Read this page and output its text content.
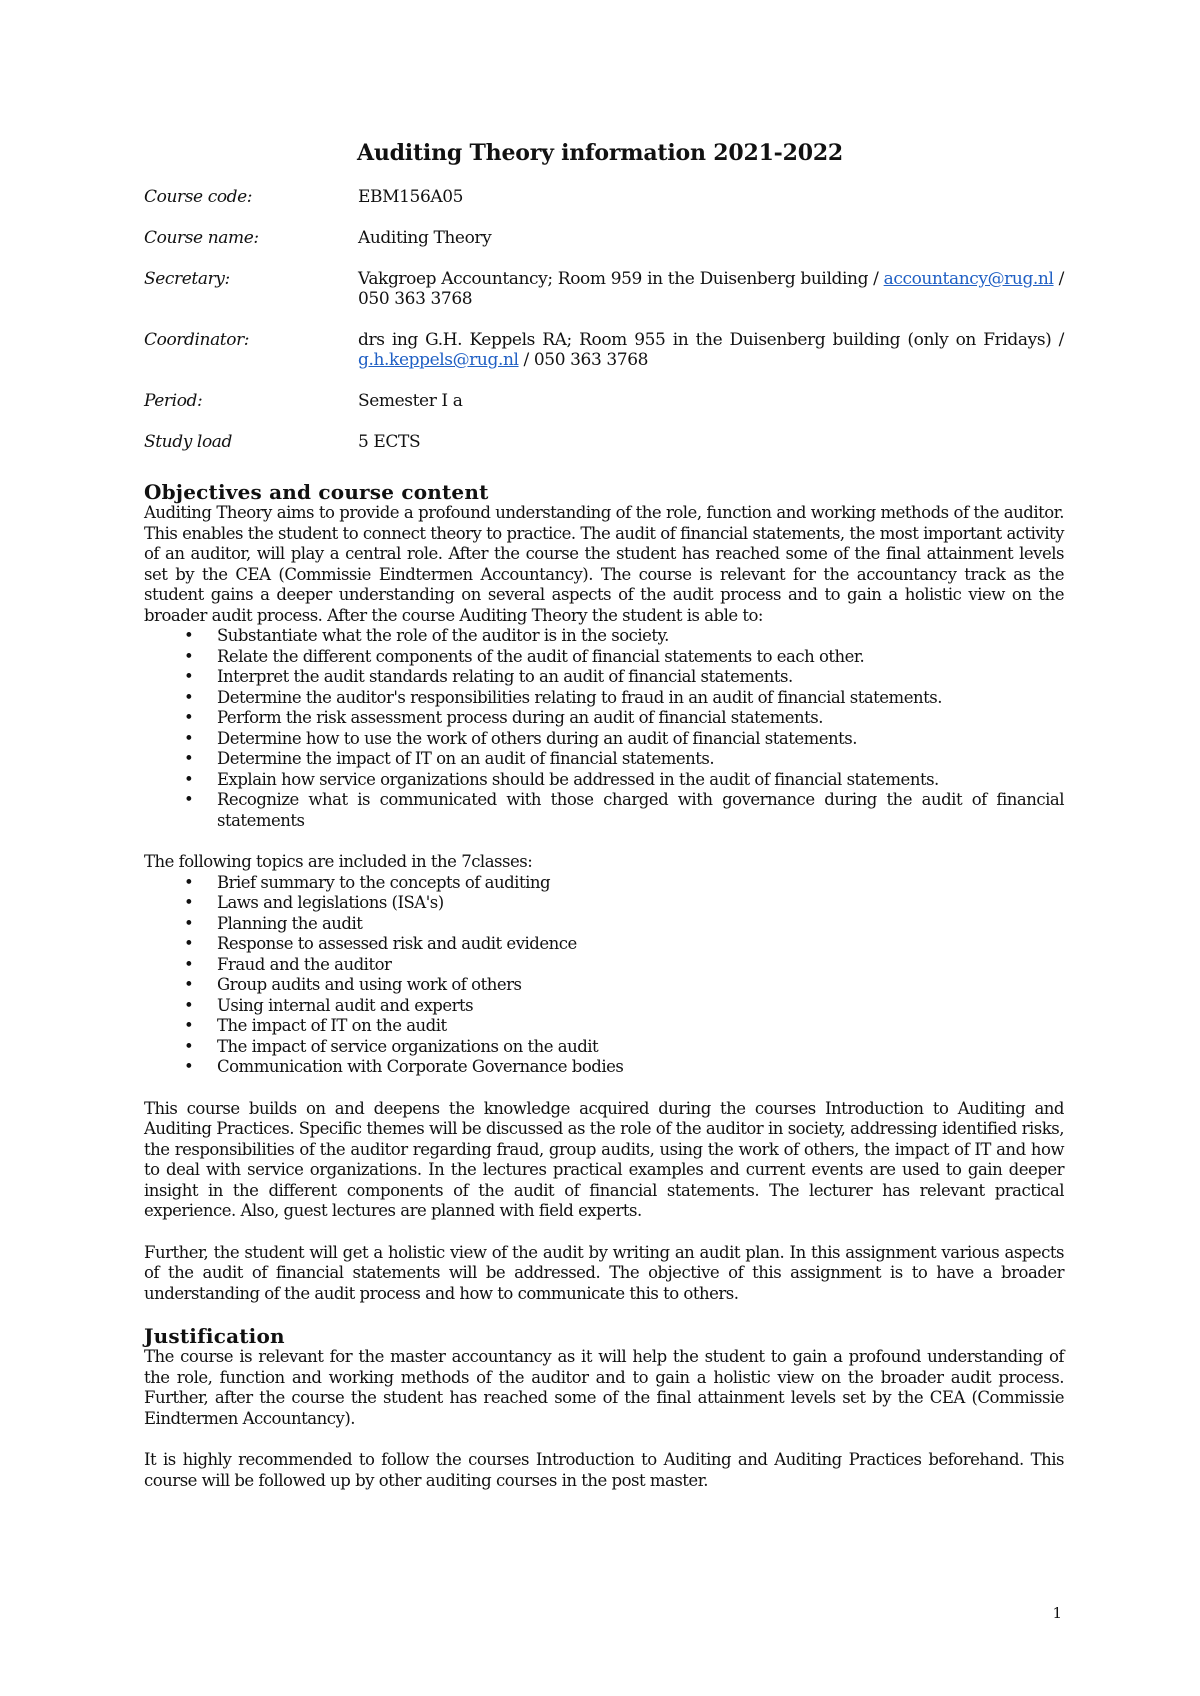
Auditing Theory information 2021-2022
Course code:	EBM156A05
Course name:	Auditing Theory
Secretary:	Vakgroep Accountancy; Room 959 in the Duisenberg building / accountancy@rug.nl / 050 363 3768
Coordinator:	drs ing G.H. Keppels RA; Room 955 in the Duisenberg building (only on Fridays) / g.h.keppels@rug.nl / 050 363 3768
Period:	Semester I a
Study load	5 ECTS
Objectives and course content

Auditing Theory aims to provide a profound understanding of the role, function and working methods of the auditor. This enables the student to connect theory to practice. The audit of financial statements, the most important activity of an auditor, will play a central role. After the course the student has reached some of the final attainment levels set by the CEA (Commissie Eindtermen Accountancy). The course is relevant for the accountancy track as the student gains a deeper understanding on several aspects of the audit process and to gain a holistic view on the broader audit process. After the course Auditing Theory the student is able to:

• Substantiate what the role of the auditor is in the society.
• Relate the different components of the audit of financial statements to each other.
• Interpret the audit standards relating to an audit of financial statements.
• Determine the auditor's responsibilities relating to fraud in an audit of financial statements.
• Perform the risk assessment process during an audit of financial statements.
• Determine how to use the work of others during an audit of financial statements.
• Determine the impact of IT on an audit of financial statements.
• Explain how service organizations should be addressed in the audit of financial statements.
• Recognize what is communicated with those charged with governance during the audit of financial statements

The following topics are included in the 7classes:

• Brief summary to the concepts of auditing
• Laws and legislations (ISA's)
• Planning the audit
• Response to assessed risk and audit evidence
• Fraud and the auditor
• Group audits and using work of others
• Using internal audit and experts
• The impact of IT on the audit
• The impact of service organizations on the audit
• Communication with Corporate Governance bodies

This course builds on and deepens the knowledge acquired during the courses Introduction to Auditing and Auditing Practices. Specific themes will be discussed as the role of the auditor in society, addressing identified risks, the responsibilities of the auditor regarding fraud, group audits, using the work of others, the impact of IT and how to deal with service organizations. In the lectures practical examples and current events are used to gain deeper insight in the different components of the audit of financial statements. The lecturer has relevant practical experience. Also, guest lectures are planned with field experts.

Further, the student will get a holistic view of the audit by writing an audit plan. In this assignment various aspects of the audit of financial statements will be addressed. The objective of this assignment is to have a broader understanding of the audit process and how to communicate this to others.

Justification

The course is relevant for the master accountancy as it will help the student to gain a profound understanding of the role, function and working methods of the auditor and to gain a holistic view on the broader audit process. Further, after the course the student has reached some of the final attainment levels set by the CEA (Commissie Eindtermen Accountancy).

It is highly recommended to follow the courses Introduction to Auditing and Auditing Practices beforehand. This course will be followed up by other auditing courses in the post master.

1
